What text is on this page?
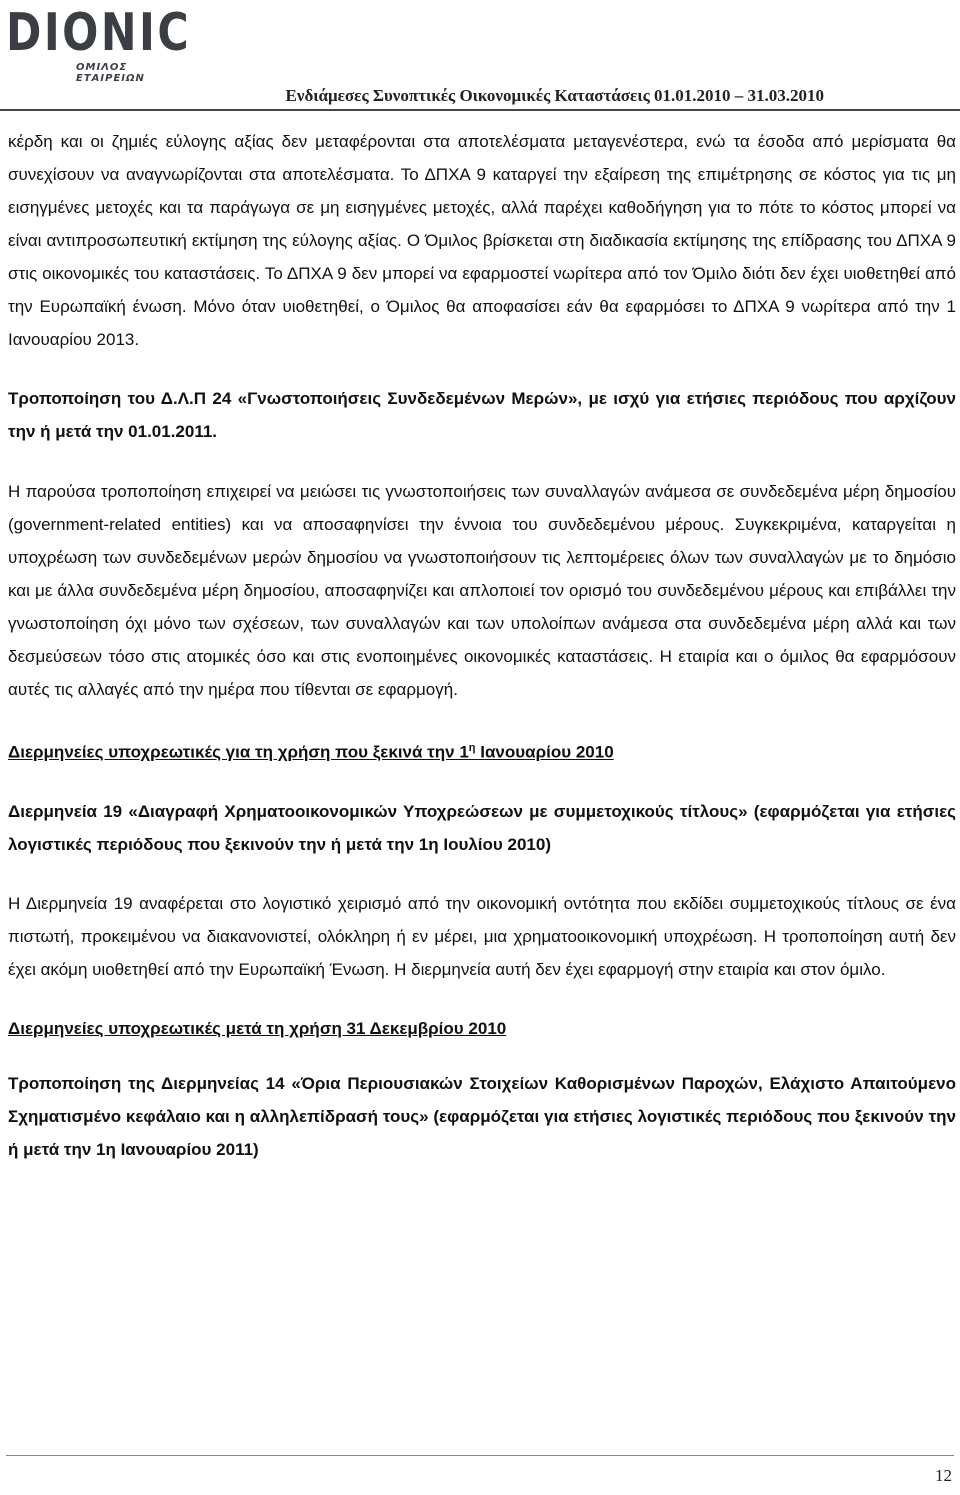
DIONIC
ΟΜΙΛΟΣ ΕΤΑΙΡΕΙΩΝ
Ενδιάμεσες Συνοπτικές Οικονομικές Καταστάσεις 01.01.2010 – 31.03.2010

κέρδη και οι ζημιές εύλογης αξίας δεν μεταφέρονται στα αποτελέσματα μεταγενέστερα, ενώ τα έσοδα από μερίσματα θα συνεχίσουν να αναγνωρίζονται στα αποτελέσματα. Το ΔΠΧΑ 9 καταργεί την εξαίρεση της επιμέτρησης σε κόστος για τις μη εισηγμένες μετοχές και τα παράγωγα σε μη εισηγμένες μετοχές, αλλά παρέχει καθοδήγηση για το πότε το κόστος μπορεί να είναι αντιπροσωπευτική εκτίμηση της εύλογης αξίας. Ο Όμιλος βρίσκεται στη διαδικασία εκτίμησης της επίδρασης του ΔΠΧΑ 9 στις οικονομικές του καταστάσεις. Το ΔΠΧΑ 9 δεν μπορεί να εφαρμοστεί νωρίτερα από τον Όμιλο διότι δεν έχει υιοθετηθεί από την Ευρωπαϊκή ένωση. Μόνο όταν υιοθετηθεί, ο Όμιλος θα αποφασίσει εάν θα εφαρμόσει το ΔΠΧΑ 9 νωρίτερα από την 1 Ιανουαρίου 2013.

Τροποποίηση του Δ.Λ.Π 24 «Γνωστοποιήσεις Συνδεδεμένων Μερών», με ισχύ για ετήσιες περιόδους που αρχίζουν την ή μετά την 01.01.2011.

Η παρούσα τροποποίηση επιχειρεί να μειώσει τις γνωστοποιήσεις των συναλλαγών ανάμεσα σε συνδεδεμένα μέρη δημοσίου (government-related entities) και να αποσαφηνίσει την έννοια του συνδεδεμένου μέρους. Συγκεκριμένα, καταργείται η υποχρέωση των συνδεδεμένων μερών δημοσίου να γνωστοποιήσουν τις λεπτομέρειες όλων των συναλλαγών με το δημόσιο και με άλλα συνδεδεμένα μέρη δημοσίου, αποσαφηνίζει και απλοποιεί τον ορισμό του συνδεδεμένου μέρους και επιβάλλει την γνωστοποίηση όχι μόνο των σχέσεων, των συναλλαγών και των υπολοίπων ανάμεσα στα συνδεδεμένα μέρη αλλά και των δεσμεύσεων τόσο στις ατομικές όσο και στις ενοποιημένες οικονομικές καταστάσεις. Η εταιρία και ο όμιλος θα εφαρμόσουν αυτές τις αλλαγές από την ημέρα που τίθενται σε εφαρμογή.

Διερμηνείες υποχρεωτικές για τη χρήση που ξεκινά την $1^\eta$ Ιανουαρίου 2010

Διερμηνεία 19 «Διαγραφή Χρηματοοικονομικών Υποχρεώσεων με συμμετοχικούς τίτλους» (εφαρμόζεται για ετήσιες λογιστικές περιόδους που ξεκινούν την ή μετά την 1η Ιουλίου 2010)

Η Διερμηνεία 19 αναφέρεται στο λογιστικό χειρισμό από την οικονομική οντότητα που εκδίδει συμμετοχικούς τίτλους σε ένα πιστωτή, προκειμένου να διακανονιστεί, ολόκληρη ή εν μέρει, μια χρηματοοικονομική υποχρέωση. Η τροποποίηση αυτή δεν έχει ακόμη υιοθετηθεί από την Ευρωπαϊκή Ένωση. Η διερμηνεία αυτή δεν έχει εφαρμογή στην εταιρία και στον όμιλο.

Διερμηνείες υποχρεωτικές μετά τη χρήση 31 Δεκεμβρίου 2010

Τροποποίηση της Διερμηνείας 14 «Όρια Περιουσιακών Στοιχείων Καθορισμένων Παροχών, Ελάχιστο Απαιτούμενο Σχηματισμένο κεφάλαιο και η αλληλεπίδρασή τους» (εφαρμόζεται για ετήσιες λογιστικές περιόδους που ξεκινούν την ή μετά την 1η Ιανουαρίου 2011)

12
